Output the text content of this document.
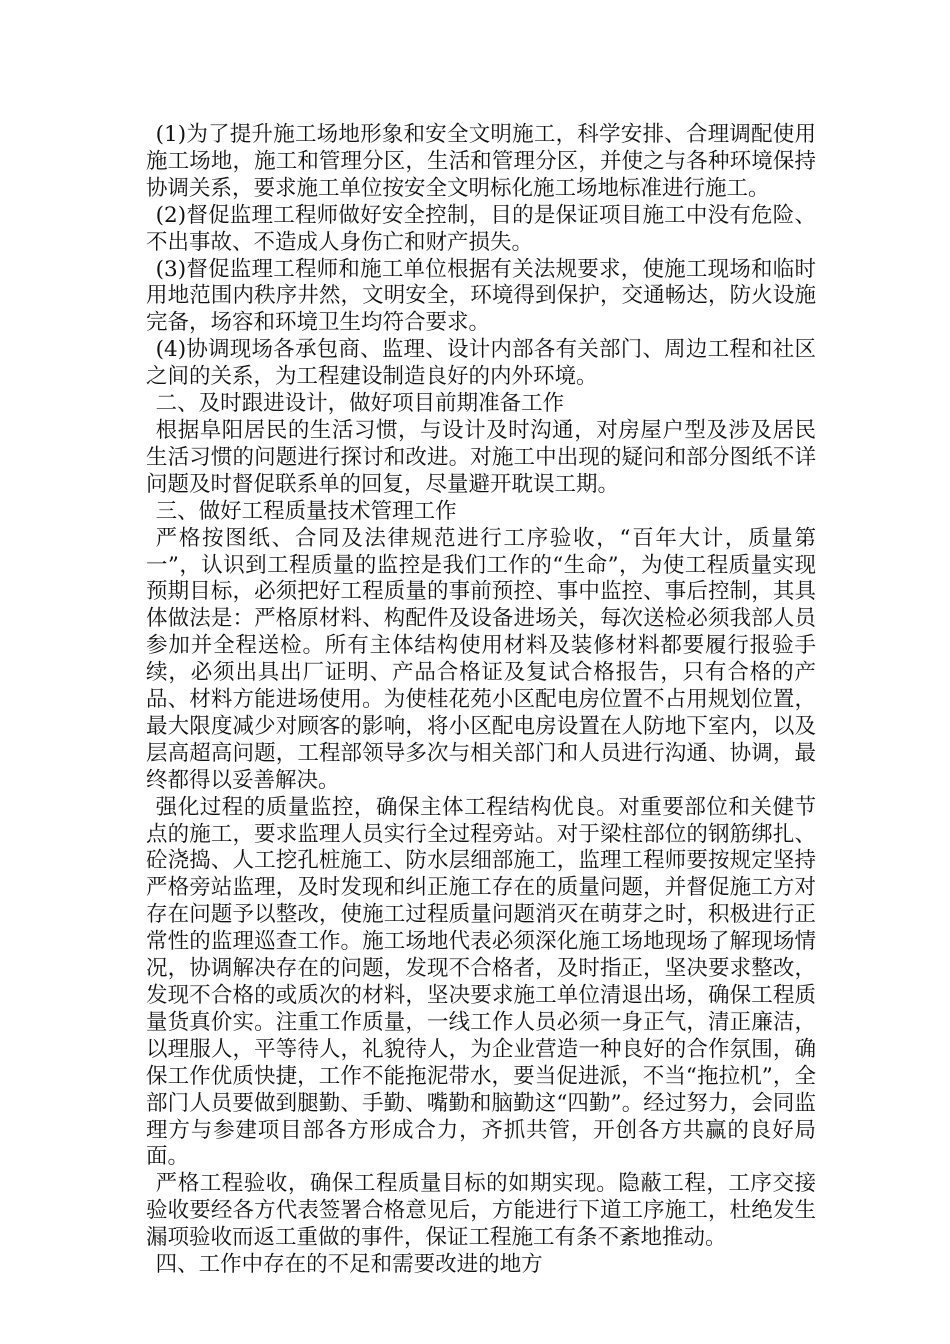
(1)为了提升施工场地形象和安全文明施工，科学安排、合理调配使用施工场地，施工和管理分区，生活和管理分区，并使之与各种环境保持协调关系，要求施工单位按安全文明标化施工场地标准进行施工。

(2)督促监理工程师做好安全控制，目的是保证项目施工中没有危险、不出事故、不造成人身伤亡和财产损失。

(3)督促监理工程师和施工单位根据有关法规要求，使施工现场和临时用地范围内秩序井然，文明安全，环境得到保护，交通畅达，防火设施完备，场容和环境卫生均符合要求。

(4)协调现场各承包商、监理、设计内部各有关部门、周边工程和社区之间的关系，为工程建设制造良好的内外环境。

二、及时跟进设计，做好项目前期准备工作

根据阜阳居民的生活习惯，与设计及时沟通，对房屋户型及涉及居民生活习惯的问题进行探讨和改进。对施工中出现的疑问和部分图纸不详问题及时督促联系单的回复，尽量避开耽误工期。

三、做好工程质量技术管理工作

严格按图纸、合同及法律规范进行工序验收，“百年大计，质量第一”，认识到工程质量的监控是我们工作的“生命”，为使工程质量实现预期目标，必须把好工程质量的事前预控、事中监控、事后控制，其具体做法是：严格原材料、构配件及设备进场关，每次送检必须我部人员参加并全程送检。所有主体结构使用材料及装修材料都要履行报验手续，必须出具出厂证明、产品合格证及复试合格报告，只有合格的产品、材料方能进场使用。为使桂花苑小区配电房位置不占用规划位置，最大限度减少对顾客的影响，将小区配电房设置在人防地下室内，以及层高超高问题，工程部领导多次与相关部门和人员进行沟通、协调，最终都得以妥善解决。

强化过程的质量监控，确保主体工程结构优良。对重要部位和关健节点的施工，要求监理人员实行全过程旁站。对于梁柱部位的钢筋绑扎、砼浇捣、人工挖孔桩施工、防水层细部施工，监理工程师要按规定坚持严格旁站监理，及时发现和纠正施工存在的质量问题，并督促施工方对存在问题予以整改，使施工过程质量问题消灭在萌芽之时，积极进行正常性的监理巡查工作。施工场地代表必须深化施工场地现场了解现场情况，协调解决存在的问题，发现不合格者，及时指正，坚决要求整改，发现不合格的或质次的材料，坚决要求施工单位清退出场，确保工程质量货真价实。注重工作质量，一线工作人员必须一身正气，清正廉洁，以理服人，平等待人，礼貌待人，为企业营造一种良好的合作氛围，确保工作优质快捷，工作不能拖泥带水，要当促进派，不当“拖拉机”，全部门人员要做到腿勤、手勤、嘴勤和脑勤这“四勤”。经过努力，会同监理方与参建项目部各方形成合力，齐抓共管，开创各方共赢的良好局面。

严格工程验收，确保工程质量目标的如期实现。隐蔽工程，工序交接验收要经各方代表签署合格意见后，方能进行下道工序施工，杜绝发生漏项验收而返工重做的事件，保证工程施工有条不紊地推动。

四、工作中存在的不足和需要改进的地方
